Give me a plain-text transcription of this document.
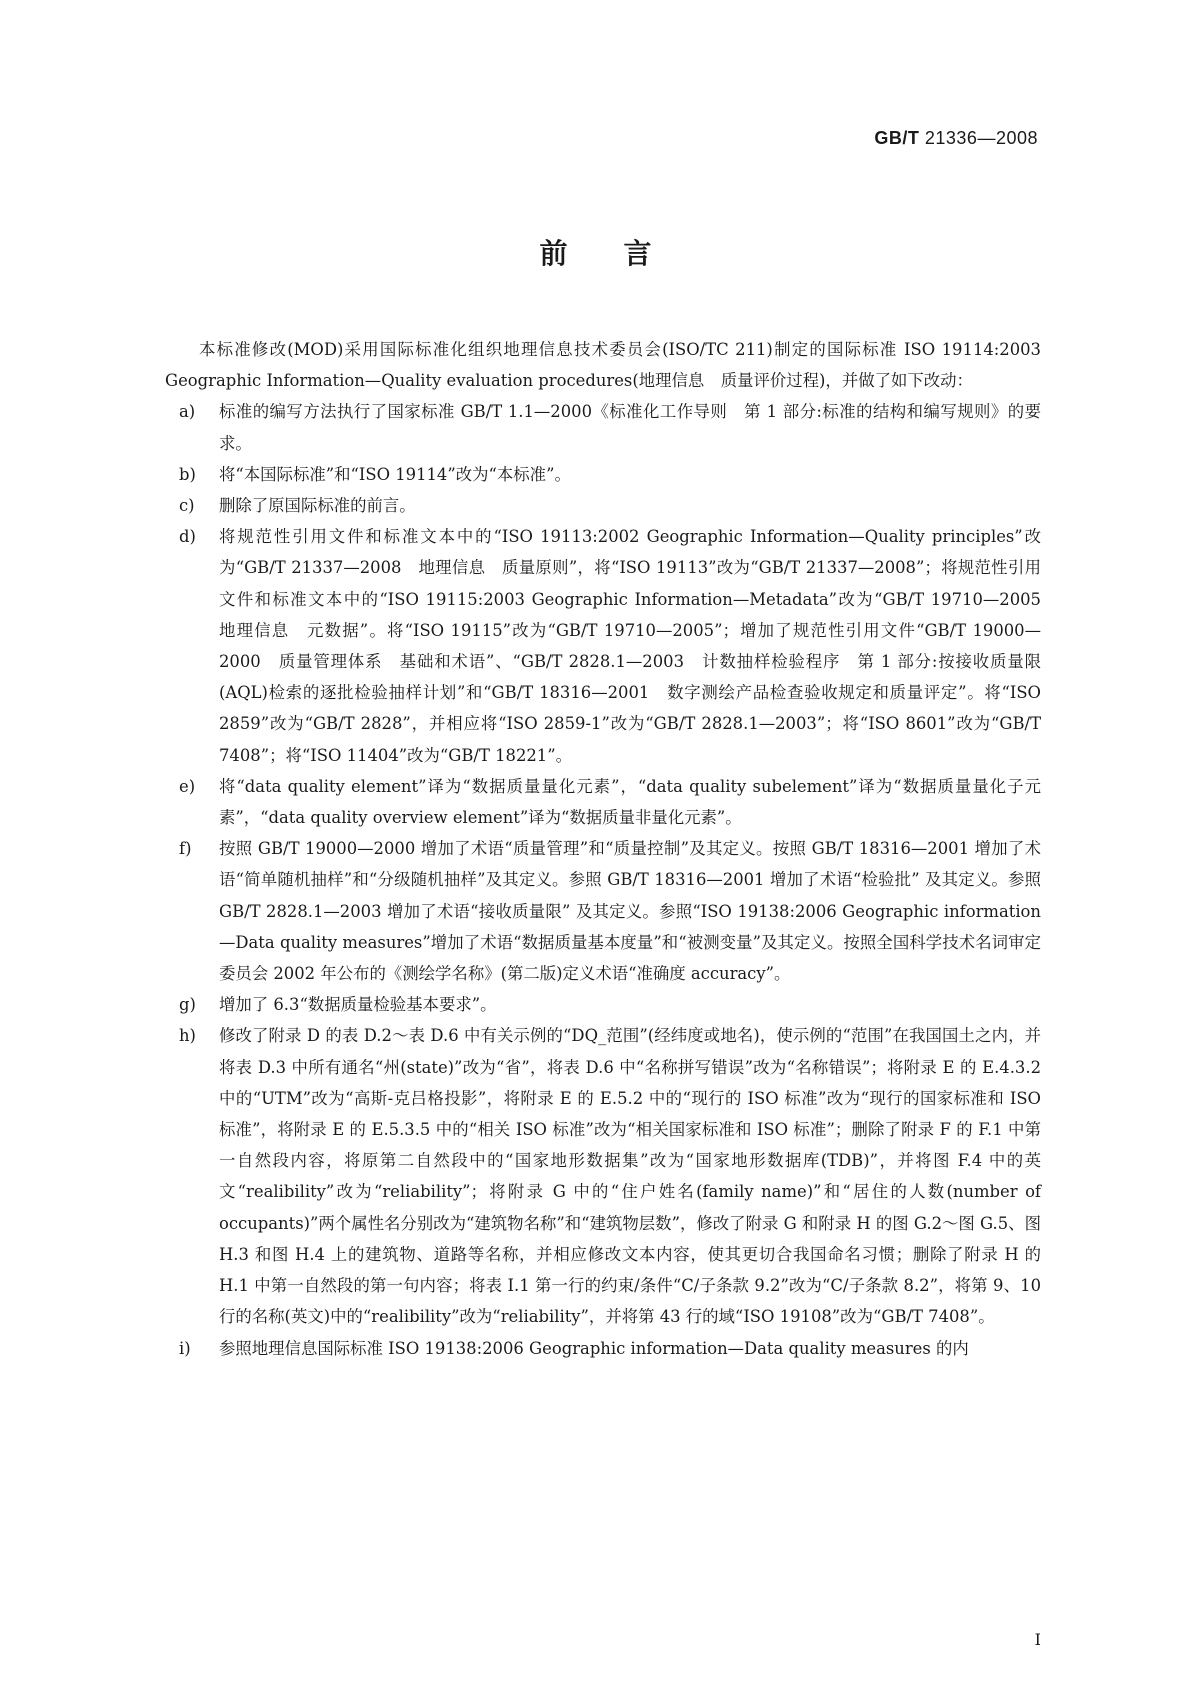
GB/T 21336—2008
前言

本标准修改(MOD)采用国际标准化组织地理信息技术委员会(ISO/TC 211)制定的国际标准 ISO 19114:2003 Geographic Information—Quality evaluation procedures(地理信息　质量评价过程)，并做了如下改动：

a)	标准的编写方法执行了国家标准 GB/T 1.1—2000《标准化工作导则　第 1 部分:标准的结构和编写规则》的要求。
b)	将“本国际标准”和“ISO 19114”改为“本标准”。
c)	删除了原国际标准的前言。
d)	将规范性引用文件和标准文本中的“ISO 19113:2002 Geographic Information—Quality principles”改为“GB/T 21337—2008　地理信息　质量原则”，将“ISO 19113”改为“GB/T 21337—2008”；将规范性引用文件和标准文本中的“ISO 19115:2003 Geographic Information—Metadata”改为“GB/T 19710—2005　地理信息　元数据”。将“ISO 19115”改为“GB/T 19710—2005”；增加了规范性引用文件“GB/T 19000—2000　质量管理体系　基础和术语”、“GB/T 2828.1—2003　计数抽样检验程序　第 1 部分:按接收质量限(AQL)检索的逐批检验抽样计划”和“GB/T 18316—2001　数字测绘产品检查验收规定和质量评定”。将“ISO 2859”改为“GB/T 2828”，并相应将“ISO 2859-1”改为“GB/T 2828.1—2003”；将“ISO 8601”改为“GB/T 7408”；将“ISO 11404”改为“GB/T 18221”。
e)	将“data quality element”译为“数据质量量化元素”，“data quality subelement”译为“数据质量量化子元素”，“data quality overview element”译为“数据质量非量化元素”。
f)	按照 GB/T 19000—2000 增加了术语“质量管理”和“质量控制”及其定义。按照 GB/T 18316—2001 增加了术语“简单随机抽样”和“分级随机抽样”及其定义。参照 GB/T 18316—2001 增加了术语“检验批” 及其定义。参照 GB/T 2828.1—2003 增加了术语“接收质量限” 及其定义。参照“ISO 19138:2006 Geographic information—Data quality measures”增加了术语“数据质量基本度量”和“被测变量”及其定义。按照全国科学技术名词审定委员会 2002 年公布的《测绘学名称》(第二版)定义术语“准确度 accuracy”。
g)	增加了 6.3“数据质量检验基本要求”。
h)	修改了附录 D 的表 D.2～表 D.6 中有关示例的“DQ_范围”(经纬度或地名)，使示例的“范围”在我国国土之内，并将表 D.3 中所有通名“州(state)”改为“省”，将表 D.6 中“名称拼写错误”改为“名称错误”；将附录 E 的 E.4.3.2 中的“UTM”改为“高斯-克吕格投影”，将附录 E 的 E.5.2 中的“现行的 ISO 标准”改为“现行的国家标准和 ISO 标准”，将附录 E 的 E.5.3.5 中的“相关 ISO 标准”改为“相关国家标准和 ISO 标准”；删除了附录 F 的 F.1 中第一自然段内容，将原第二自然段中的“国家地形数据集”改为“国家地形数据库(TDB)”，并将图 F.4 中的英文“realibility”改为“reliability”；将附录 G 中的“住户姓名(family name)”和“居住的人数(number of occupants)”两个属性名分别改为“建筑物名称”和“建筑物层数”，修改了附录 G 和附录 H 的图 G.2～图 G.5、图 H.3 和图 H.4 上的建筑物、道路等名称，并相应修改文本内容，使其更切合我国命名习惯；删除了附录 H 的 H.1 中第一自然段的第一句内容；将表 I.1 第一行的约束/条件“C/子条款 9.2”改为“C/子条款 8.2”，将第 9、10 行的名称(英文)中的“realibility”改为“reliability”，并将第 43 行的域“ISO 19108”改为“GB/T 7408”。
i)	参照地理信息国际标准 ISO 19138:2006 Geographic information—Data quality measures 的内
I
